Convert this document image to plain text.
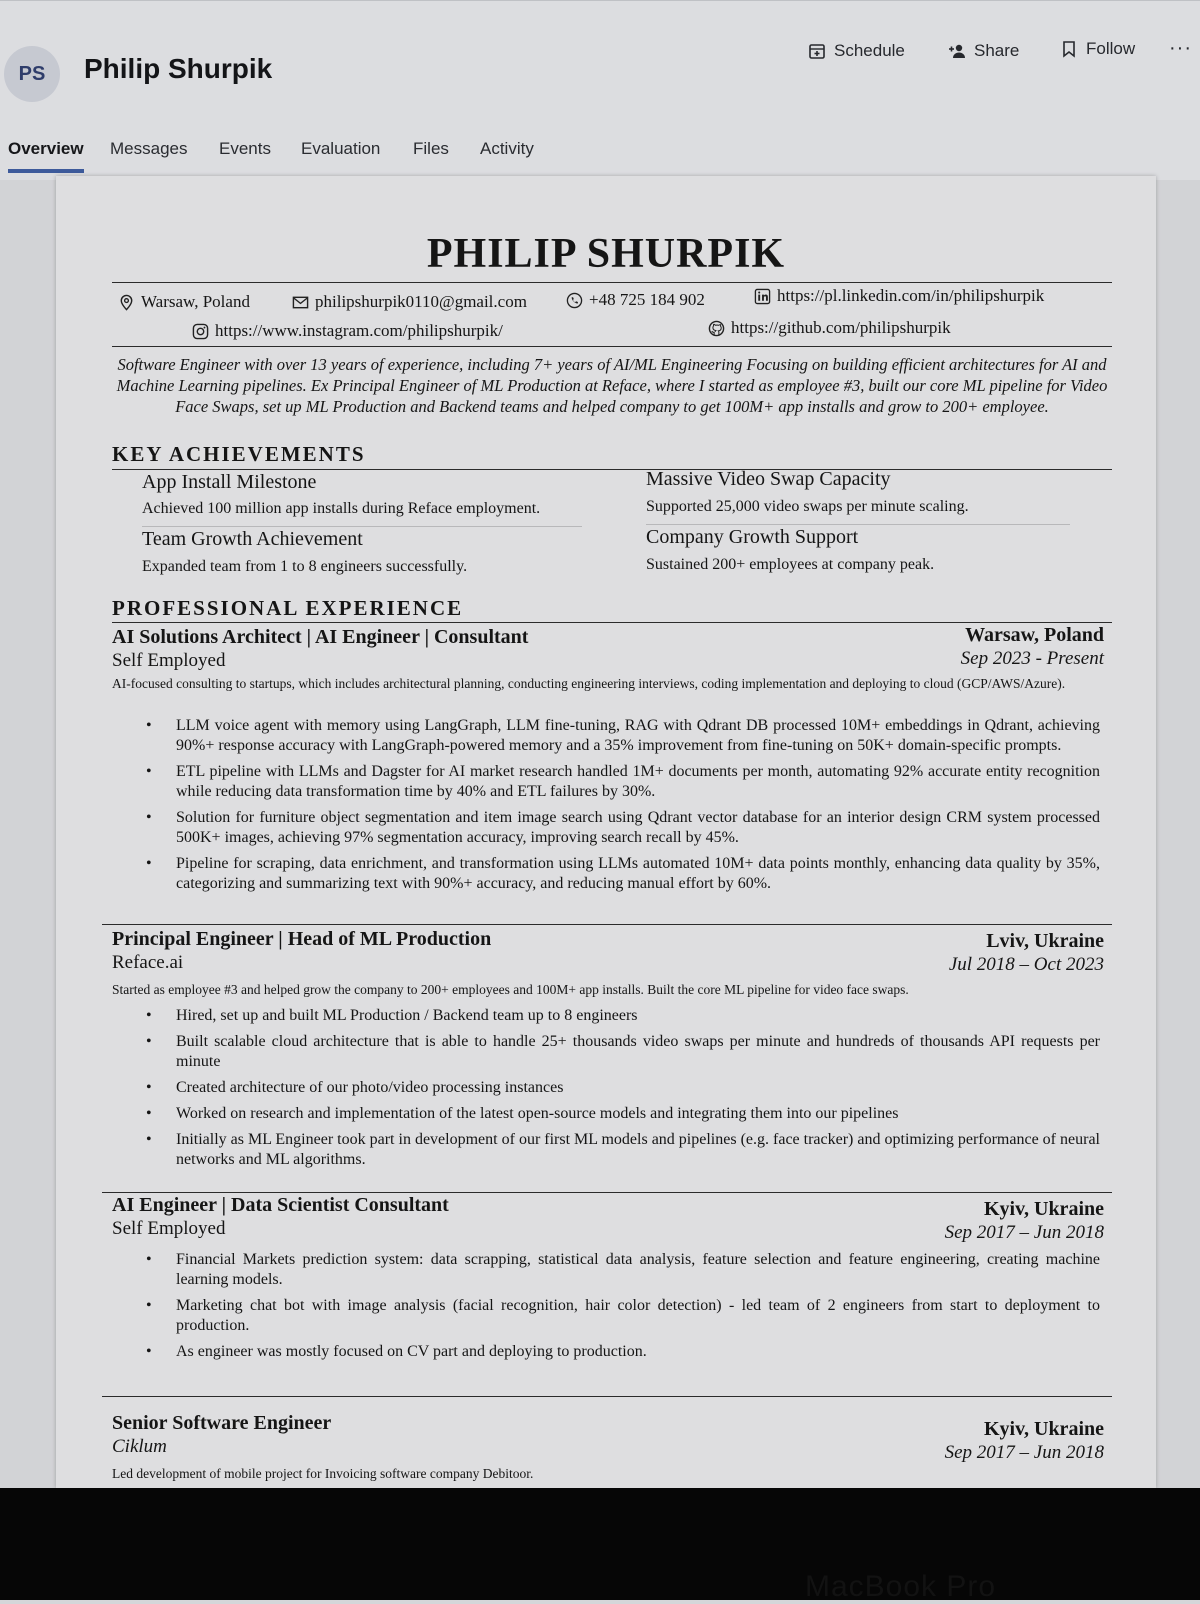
PS	Philip Shurpik
Schedule	Share	Follow ···
Overview Messages Events Evaluation Files Activity
PHILIP SHURPIK
Warsaw, Poland	philipshurpik0110@gmail.com	+48 725 184 902	https://pl.linkedin.com/in/philipshurpik
https://www.instagram.com/philipshurpik/	https://github.com/philipshurpik
Software Engineer with over 13 years of experience, including 7+ years of AI/ML Engineering Focusing on building efficient architectures for AI and Machine Learning pipelines. Ex Principal Engineer of ML Production at Reface, where I started as employee #3, built our core ML pipeline for Video Face Swaps, set up ML Production and Backend teams and helped company to get 100M+ app installs and grow to 200+ employee.
KEY ACHIEVEMENTS
App Install Milestone
Achieved 100 million app installs during Reface employment.
Massive Video Swap Capacity
Supported 25,000 video swaps per minute scaling.
Team Growth Achievement
Expanded team from 1 to 8 engineers successfully.
Company Growth Support
Sustained 200+ employees at company peak.
PROFESSIONAL EXPERIENCE
AI Solutions Architect | AI Engineer | Consultant
Self Employed
Warsaw, Poland
Sep 2023 - Present
AI-focused consulting to startups, which includes architectural planning, conducting engineering interviews, coding implementation and deploying to cloud (GCP/AWS/Azure).
• LLM voice agent with memory using LangGraph, LLM fine-tuning, RAG with Qdrant DB processed 10M+ embeddings in Qdrant, achieving 90%+ response accuracy with LangGraph-powered memory and a 35% improvement from fine-tuning on 50K+ domain-specific prompts.
• ETL pipeline with LLMs and Dagster for AI market research handled 1M+ documents per month, automating 92% accurate entity recognition while reducing data transformation time by 40% and ETL failures by 30%.
• Solution for furniture object segmentation and item image search using Qdrant vector database for an interior design CRM system processed 500K+ images, achieving 97% segmentation accuracy, improving search recall by 45%.
• Pipeline for scraping, data enrichment, and transformation using LLMs automated 10M+ data points monthly, enhancing data quality by 35%, categorizing and summarizing text with 90%+ accuracy, and reducing manual effort by 60%.
Principal Engineer | Head of ML Production
Reface.ai
Lviv, Ukraine
Jul 2018 – Oct 2023
Started as employee #3 and helped grow the company to 200+ employees and 100M+ app installs. Built the core ML pipeline for video face swaps.
• Hired, set up and built ML Production / Backend team up to 8 engineers
• Built scalable cloud architecture that is able to handle 25+ thousands video swaps per minute and hundreds of thousands API requests per minute
• Created architecture of our photo/video processing instances
• Worked on research and implementation of the latest open-source models and integrating them into our pipelines
• Initially as ML Engineer took part in development of our first ML models and pipelines (e.g. face tracker) and optimizing performance of neural networks and ML algorithms.
AI Engineer | Data Scientist Consultant
Self Employed
Kyiv, Ukraine
Sep 2017 – Jun 2018
• Financial Markets prediction system: data scrapping, statistical data analysis, feature selection and feature engineering, creating machine learning models.
• Marketing chat bot with image analysis (facial recognition, hair color detection) - led team of 2 engineers from start to deployment to production.
• As engineer was mostly focused on CV part and deploying to production.
Senior Software Engineer
Ciklum
Kyiv, Ukraine
Sep 2017 – Jun 2018
Led development of mobile project for Invoicing software company Debitoor.
MacBook Pro
